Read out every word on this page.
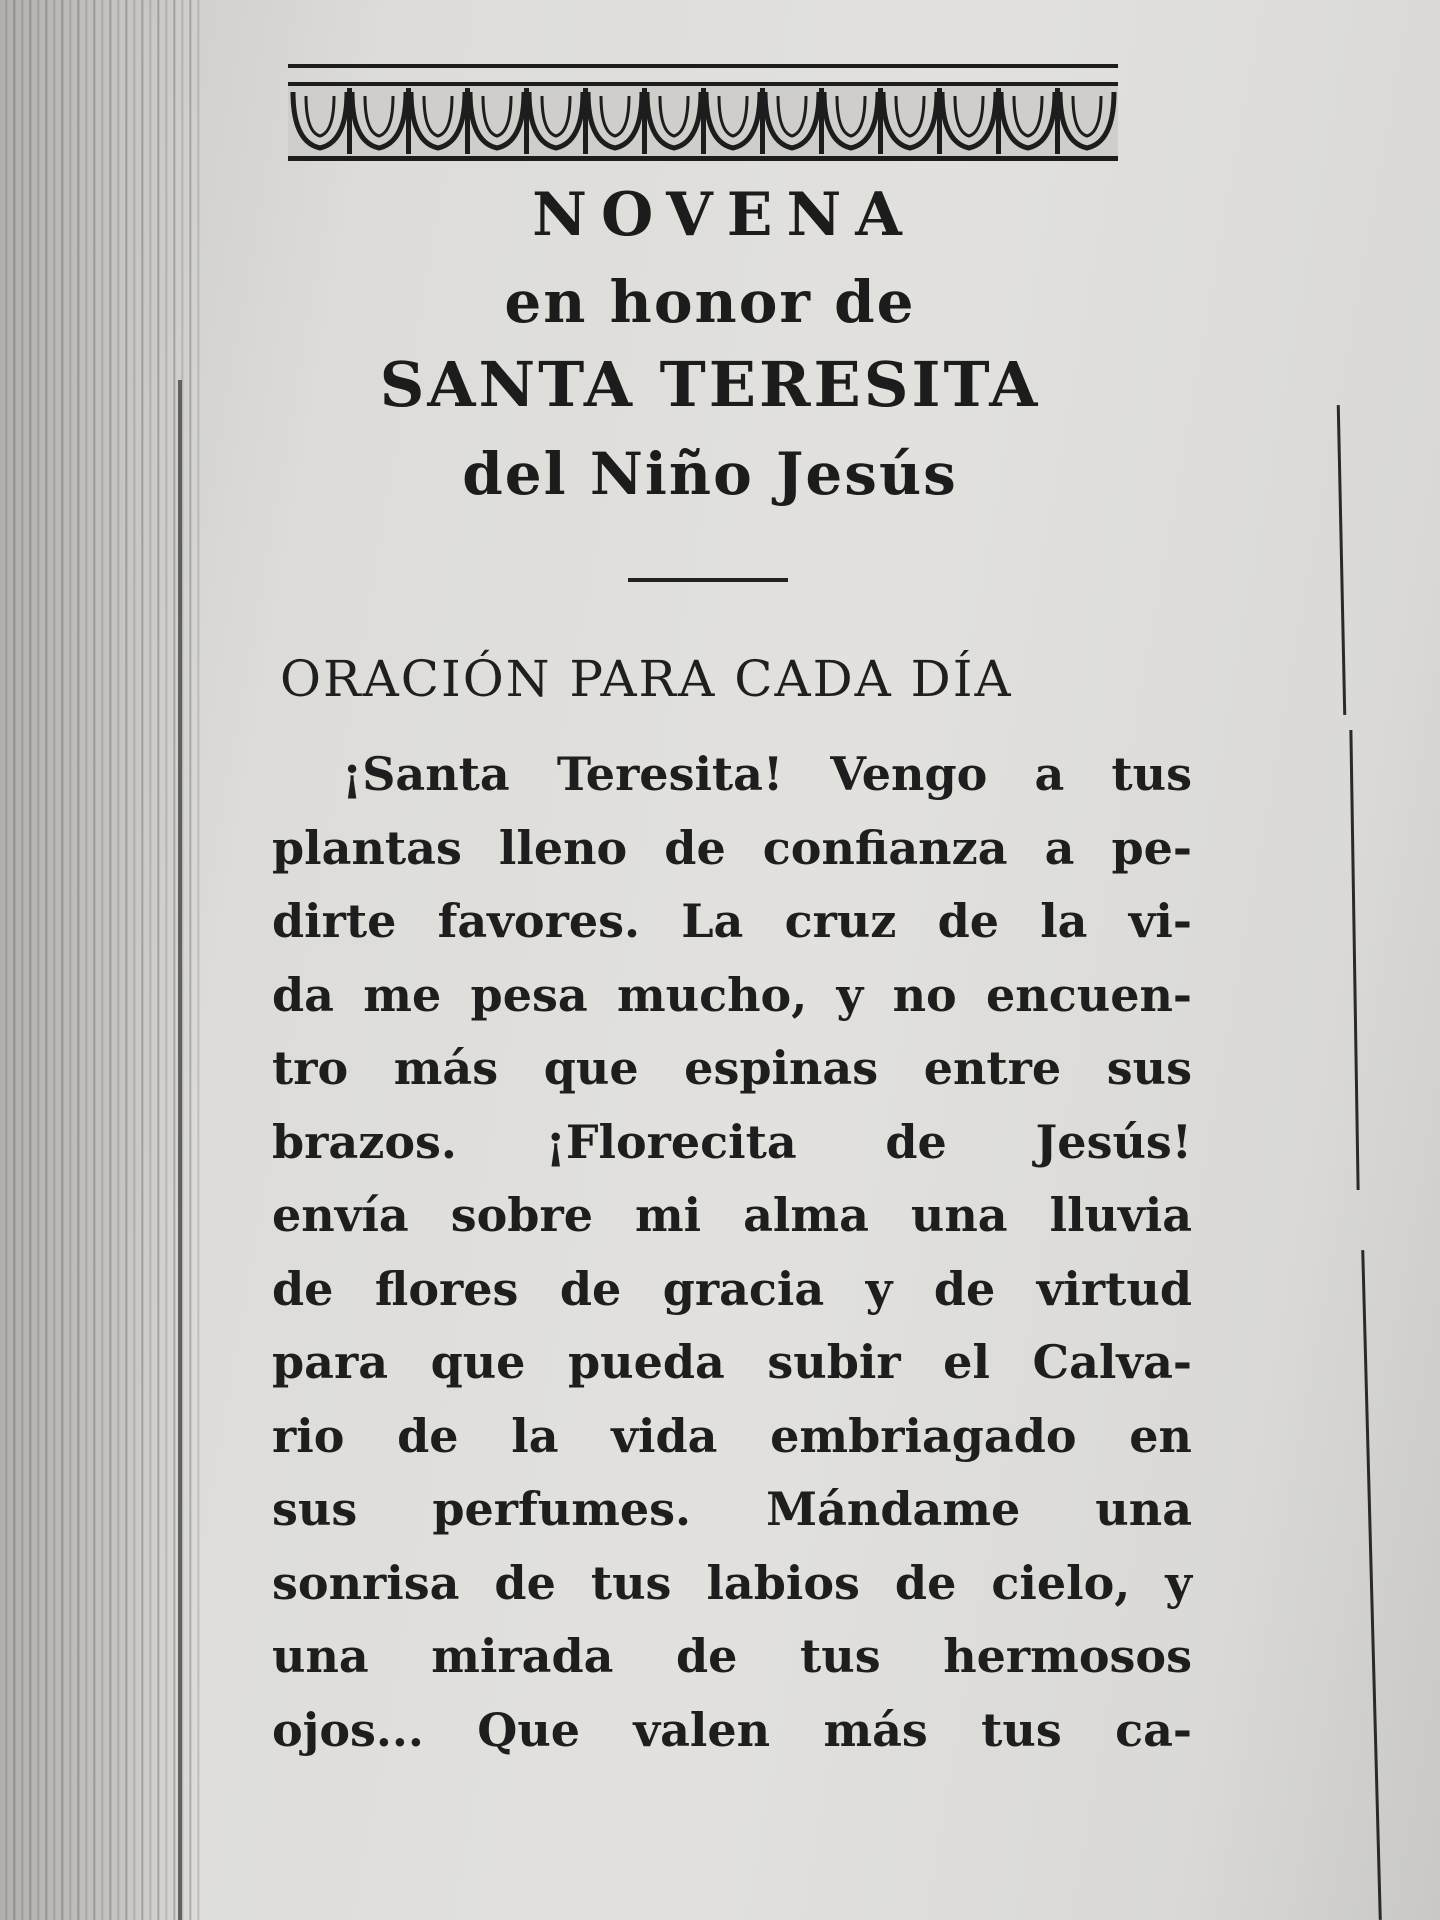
NOVENA
en honor de
SANTA TERESITA
del Niño Jesús
ORACIÓN PARA CADA DÍA
¡Santa Teresita! Vengo a tus
plantas lleno de confianza a pe-
dirte favores. La cruz de la vi-
da me pesa mucho, y no encuen-
tro más que espinas entre sus
brazos. ¡Florecita de Jesús!
envía sobre mi alma una lluvia
de flores de gracia y de virtud
para que pueda subir el Calva-
rio de la vida embriagado en
sus perfumes. Mándame una
sonrisa de tus labios de cielo, y
una mirada de tus hermosos
ojos... Que valen más tus ca-
